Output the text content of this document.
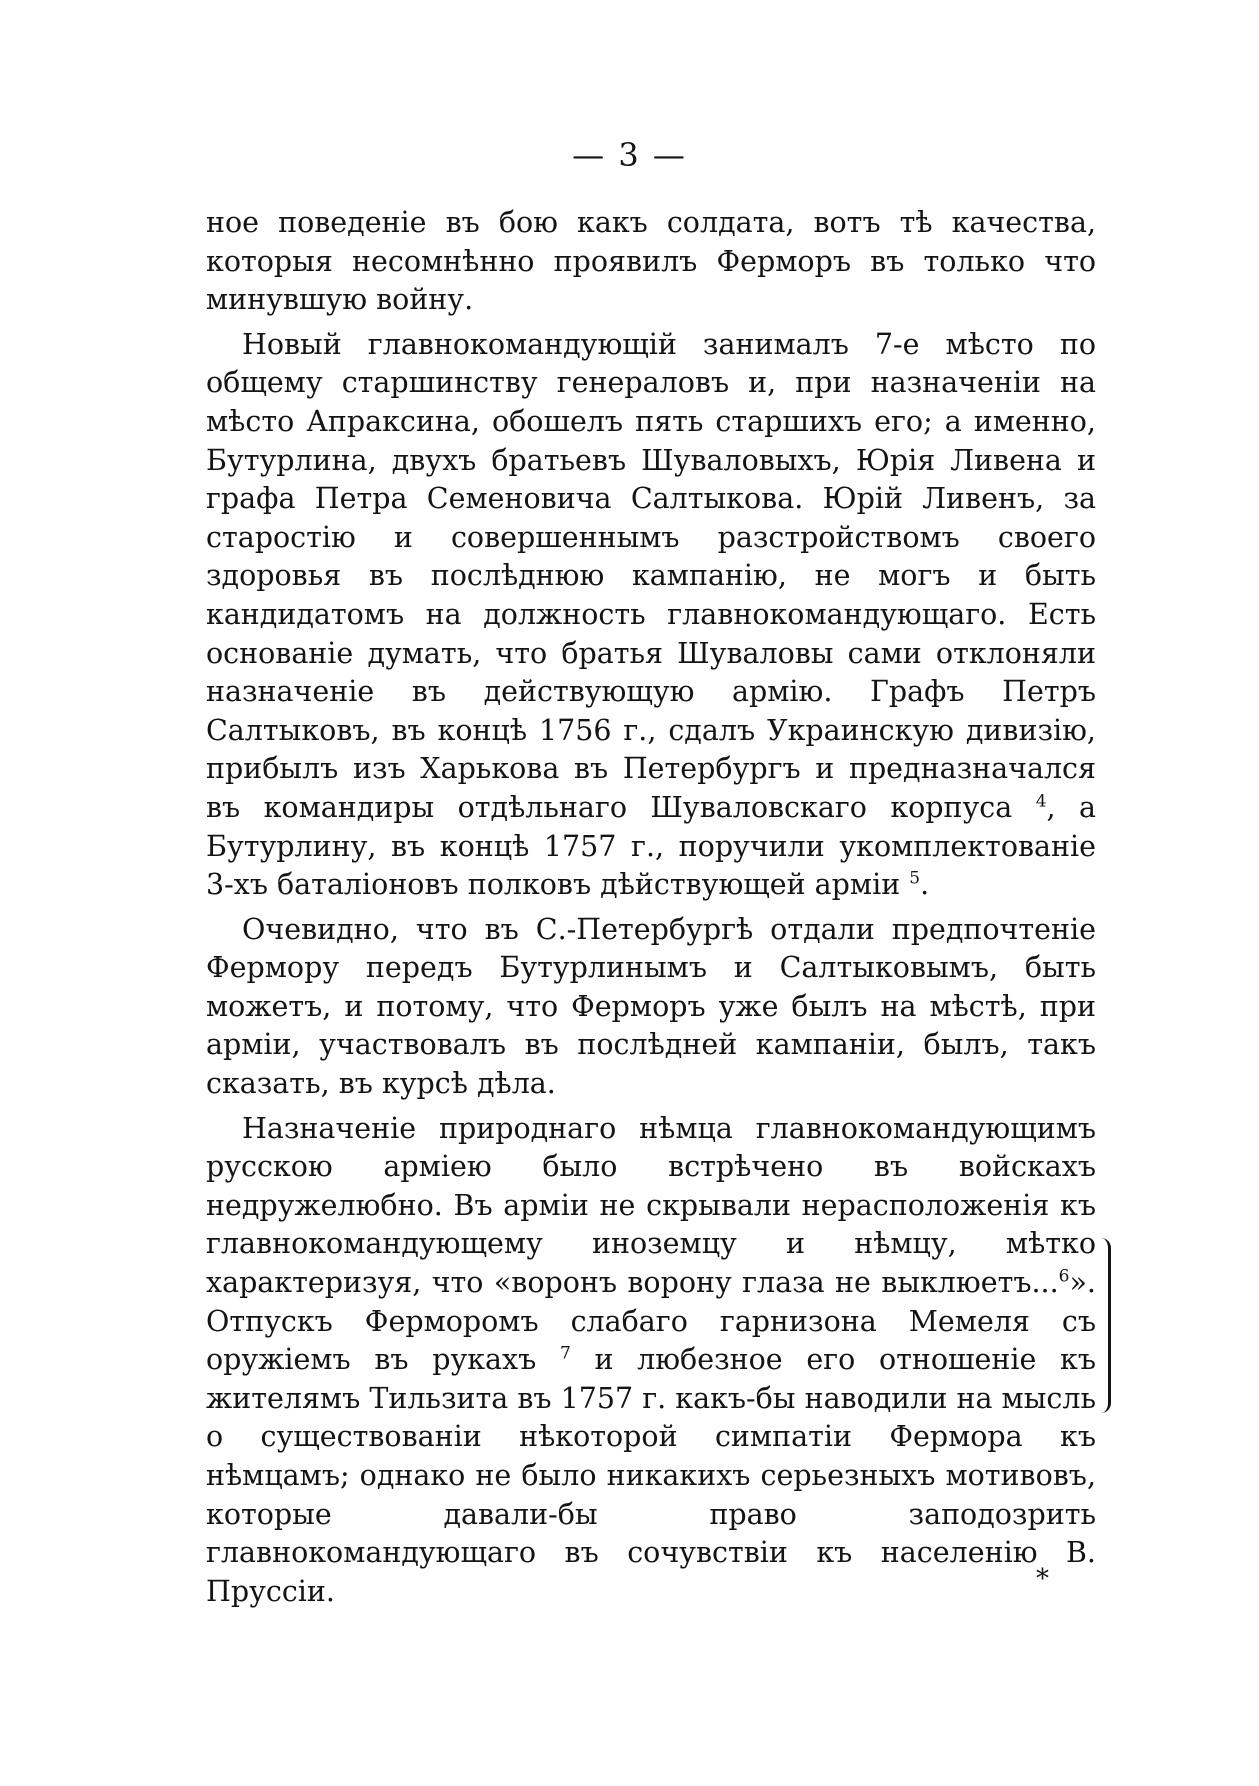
— 3 —

ное поведеніе въ бою какъ солдата, вотъ тѣ качества, которыя несомнѣнно проявилъ Ферморъ въ только что минувшую войну.

Новый главнокомандующій занималъ 7-е мѣсто по общему старшинству генераловъ и, при назначеніи на мѣсто Апраксина, обошелъ пять старшихъ его; а именно, Бутурлина, двухъ братьевъ Шуваловыхъ, Юрія Ливена и графа Петра Семеновича Салтыкова. Юрій Ливенъ, за старостію и совершеннымъ разстройствомъ своего здоровья въ послѣднюю кампанію, не могъ и быть кандидатомъ на должность главнокомандующаго. Есть основаніе думать, что братья Шуваловы сами отклоняли назначеніе въ действующую армію. Графъ Петръ Салтыковъ, въ концѣ 1756 г., сдалъ Украинскую дивизію, прибылъ изъ Харькова въ Петербургъ и предназначался въ командиры отдѣльнаго Шуваловскаго корпуса $^4$, а Бутурлину, въ концѣ 1757 г., поручили укомплектованіе 3-хъ баталіоновъ полковъ дѣйствующей арміи $^5$.

Очевидно, что въ С.-Петербургѣ отдали предпочтеніе Фермору передъ Бутурлинымъ и Салтыковымъ, быть можетъ, и потому, что Ферморъ уже былъ на мѣстѣ, при арміи, участвовалъ въ послѣдней кампаніи, былъ, такъ сказать, въ курсѣ дѣла.

Назначеніе природнаго нѣмца главнокомандующимъ русскою арміею было встрѣчено въ войскахъ недружелюбно. Въ арміи не скрывали нерасположенія къ главнокомандующему иноземцу и нѣмцу, мѣтко характеризуя, что «воронъ ворону глаза не выклюетъ...$^6$». Отпускъ Ферморомъ слабаго гарнизона Мемеля съ оружіемъ въ рукахъ $^7$ и любезное его отношеніе къ жителямъ Тильзита въ 1757 г. какъ-бы наводили на мысль о существованіи нѣкоторой симпатіи Фермора къ нѣмцамъ; однако не было никакихъ серьезныхъ мотивовъ, которые давали-бы право заподозрить главнокомандующаго въ сочувствіи къ населенію В. Пруссіи.	*
